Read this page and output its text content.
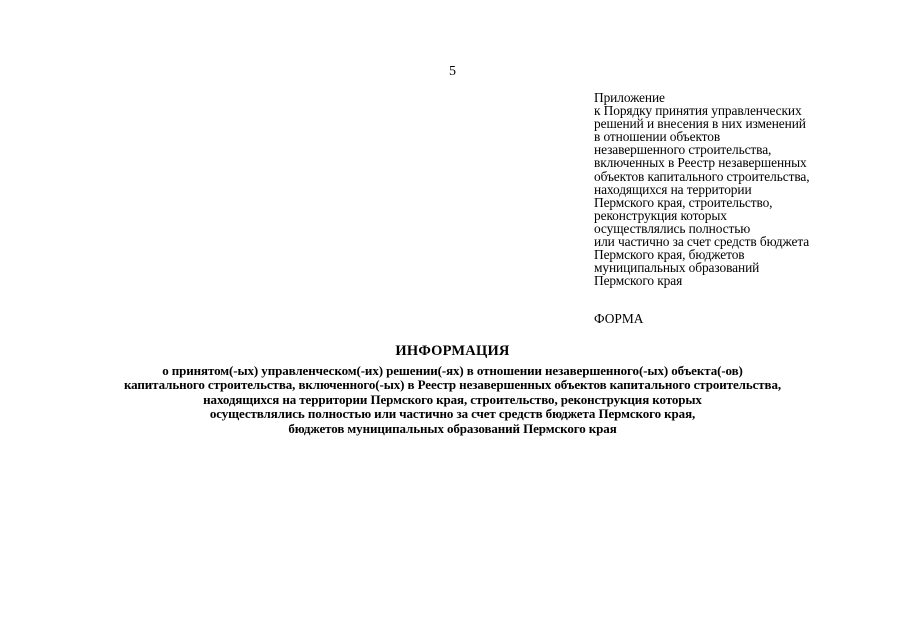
5
Приложение
к Порядку принятия управленческих
решений и внесения в них изменений
в отношении объектов
незавершенного строительства,
включенных в Реестр незавершенных
объектов капитального строительства,
находящихся на территории
Пермского края, строительство,
реконструкция которых
осуществлялись полностью
или частично за счет средств бюджета
Пермского края, бюджетов
муниципальных образований
Пермского края
ФОРМА
ИНФОРМАЦИЯ
о принятом(-ых) управленческом(-их) решении(-ях) в отношении незавершенного(-ых) объекта(-ов)
капитального строительства, включенного(-ых) в Реестр незавершенных объектов капитального строительства,
находящихся на территории Пермского края, строительство, реконструкция которых
осуществлялись полностью или частично за счет средств бюджета Пермского края,
бюджетов муниципальных образований Пермского края
